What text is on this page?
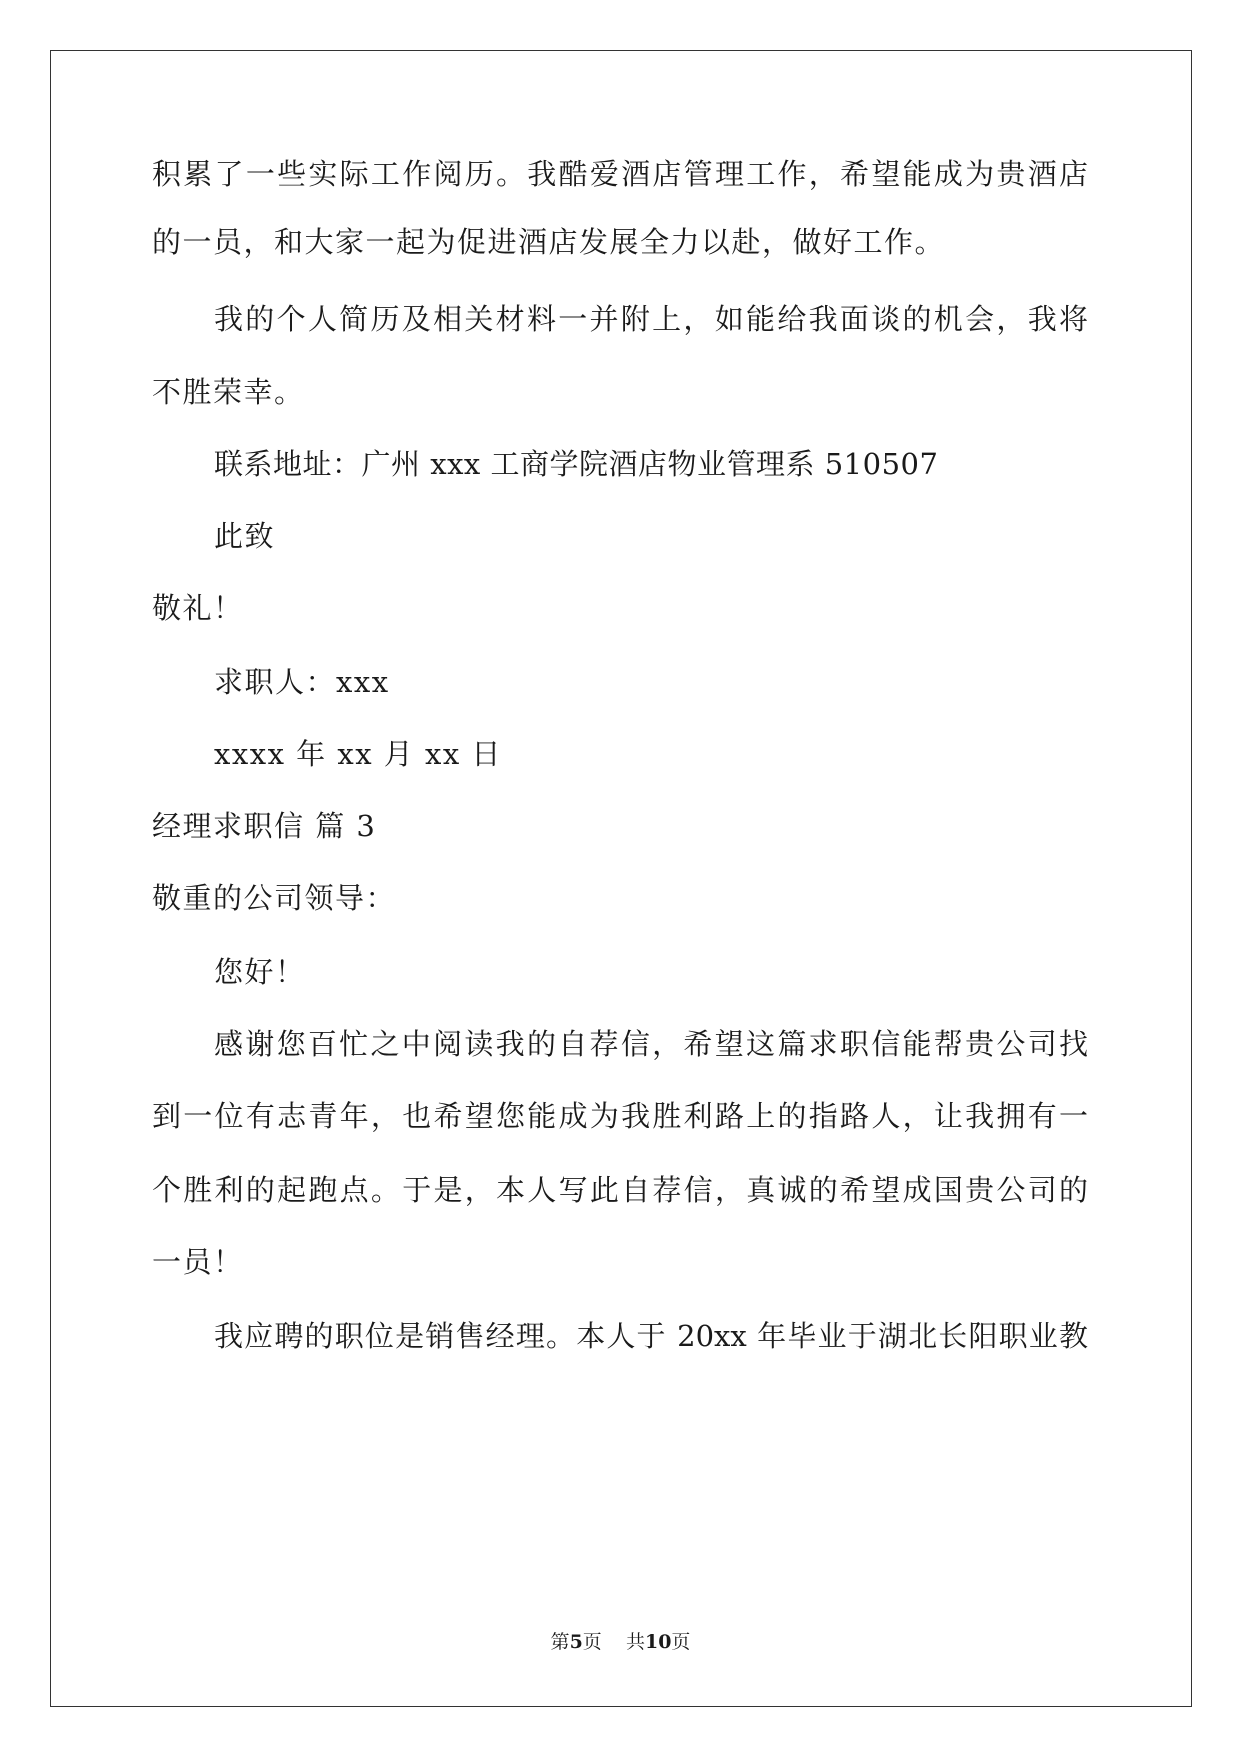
积累了一些实际工作阅历。我酷爱酒店管理工作，希望能成为贵酒店
的一员，和大家一起为促进酒店发展全力以赴，做好工作。
我的个人简历及相关材料一并附上，如能给我面谈的机会，我将
不胜荣幸。
联系地址：广州 xxx 工商学院酒店物业管理系 510507
此致
敬礼！
求职人：xxx
xxxx 年 xx 月 xx 日
经理求职信 篇 3
敬重的公司领导：
您好！
感谢您百忙之中阅读我的自荐信，希望这篇求职信能帮贵公司找
到一位有志青年，也希望您能成为我胜利路上的指路人，让我拥有一
个胜利的起跑点。于是，本人写此自荐信，真诚的希望成国贵公司的
一员！
我应聘的职位是销售经理。本人于 20xx 年毕业于湖北长阳职业教
第5页    共10页
